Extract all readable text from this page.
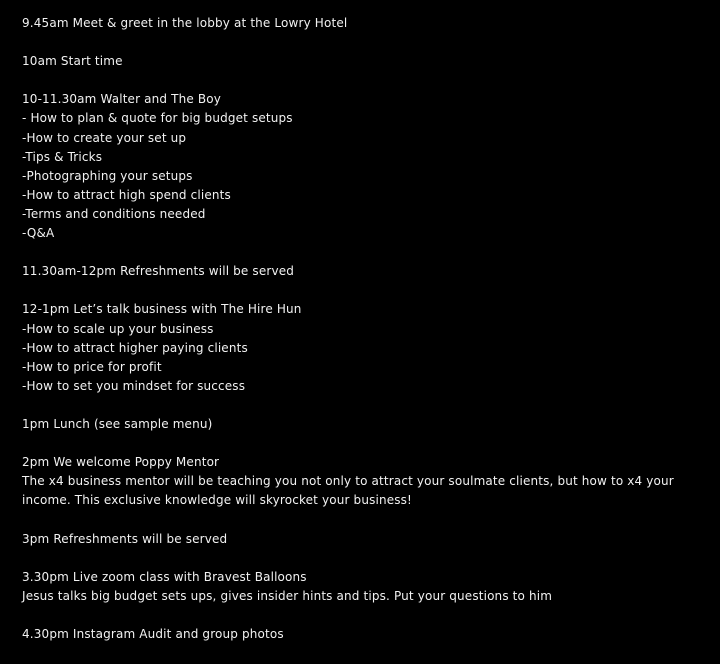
9.45am Meet & greet in the lobby at the Lowry Hotel
10am Start time
10-11.30am Walter and The Boy
- How to plan & quote for big budget setups
-How to create your set up
-Tips & Tricks
-Photographing your setups
-How to attract high spend clients
-Terms and conditions needed
-Q&A
11.30am-12pm Refreshments will be served
12-1pm Let’s talk business with The Hire Hun
-How to scale up your business
-How to attract higher paying clients
-How to price for profit
-How to set you mindset for success
1pm Lunch (see sample menu)
2pm We welcome Poppy Mentor
The x4 business mentor will be teaching you not only to attract your soulmate clients, but how to x4 your
income. This exclusive knowledge will skyrocket your business!
3pm Refreshments will be served
3.30pm Live zoom class with Bravest Balloons
Jesus talks big budget sets ups, gives insider hints and tips. Put your questions to him
4.30pm Instagram Audit and group photos
